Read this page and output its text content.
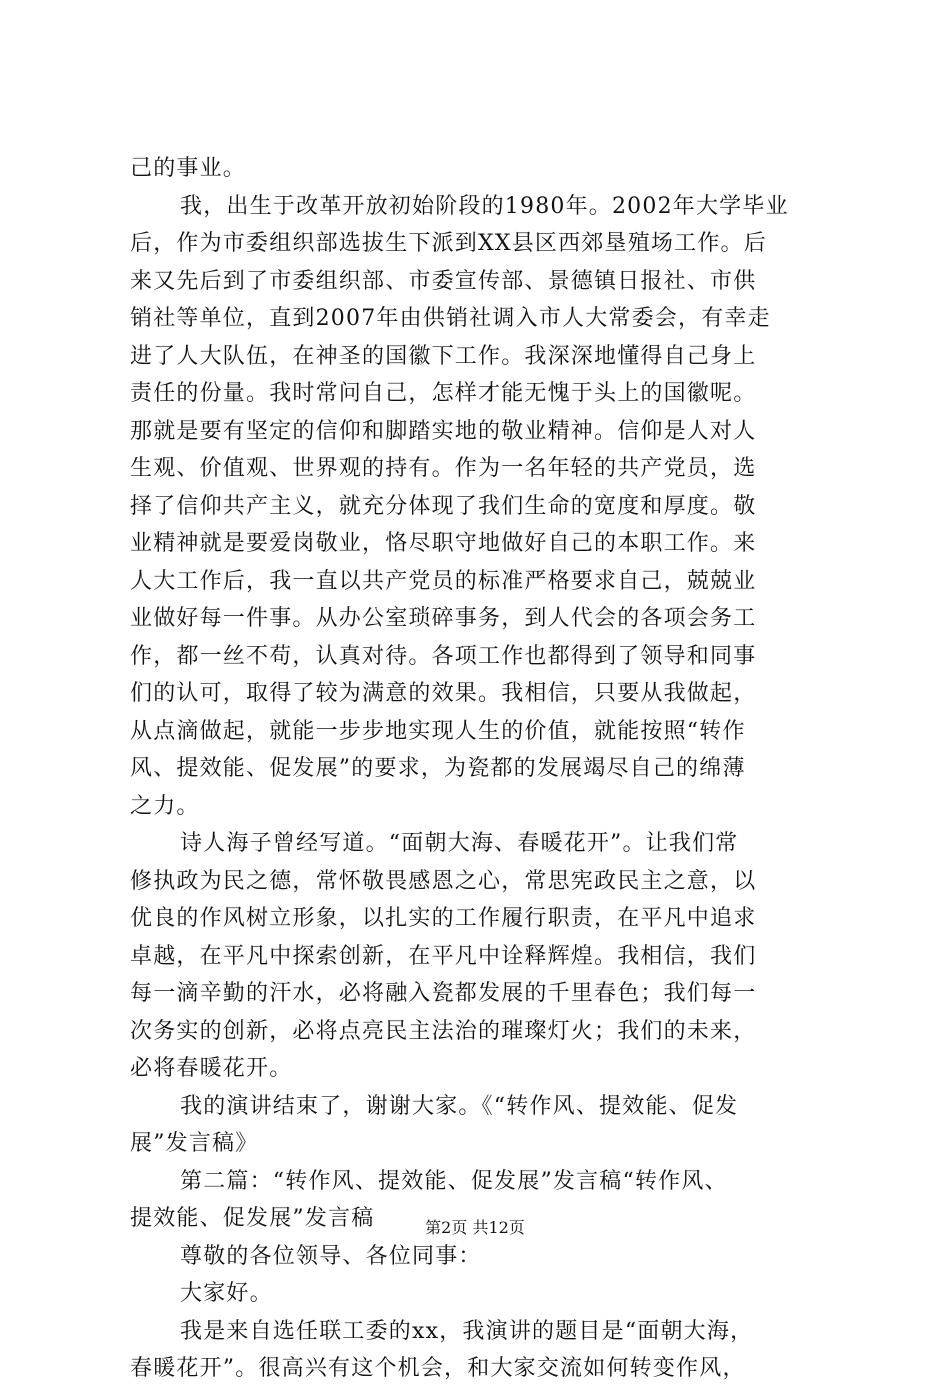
己的事业。
我，出生于改革开放初始阶段的1980年。2002年大学毕业
后，作为市委组织部选拔生下派到XX县区西郊垦殖场工作。后
来又先后到了市委组织部、市委宣传部、景德镇日报社、市供
销社等单位，直到2007年由供销社调入市人大常委会，有幸走
进了人大队伍，在神圣的国徽下工作。我深深地懂得自己身上
责任的份量。我时常问自己，怎样才能无愧于头上的国徽呢。
那就是要有坚定的信仰和脚踏实地的敬业精神。信仰是人对人
生观、价值观、世界观的持有。作为一名年轻的共产党员，选
择了信仰共产主义，就充分体现了我们生命的宽度和厚度。敬
业精神就是要爱岗敬业，恪尽职守地做好自己的本职工作。来
人大工作后，我一直以共产党员的标准严格要求自己，兢兢业
业做好每一件事。从办公室琐碎事务，到人代会的各项会务工
作，都一丝不苟，认真对待。各项工作也都得到了领导和同事
们的认可，取得了较为满意的效果。我相信，只要从我做起，
从点滴做起，就能一步步地实现人生的价值，就能按照“转作
风、提效能、促发展”的要求，为瓷都的发展竭尽自己的绵薄
之力。
诗人海子曾经写道。“面朝大海、春暖花开”。让我们常
修执政为民之德，常怀敬畏感恩之心，常思宪政民主之意，以
优良的作风树立形象，以扎实的工作履行职责，在平凡中追求
卓越，在平凡中探索创新，在平凡中诠释辉煌。我相信，我们
每一滴辛勤的汗水，必将融入瓷都发展的千里春色；我们每一
次务实的创新，必将点亮民主法治的璀璨灯火；我们的未来，
必将春暖花开。
我的演讲结束了，谢谢大家。《“转作风、提效能、促发
展”发言稿》
第二篇：“转作风、提效能、促发展”发言稿“转作风、
提效能、促发展”发言稿
尊敬的各位领导、各位同事：
大家好。
我是来自选任联工委的xx，我演讲的题目是“面朝大海，
春暖花开”。很高兴有这个机会，和大家交流如何转变作风，
第2页 共12页
